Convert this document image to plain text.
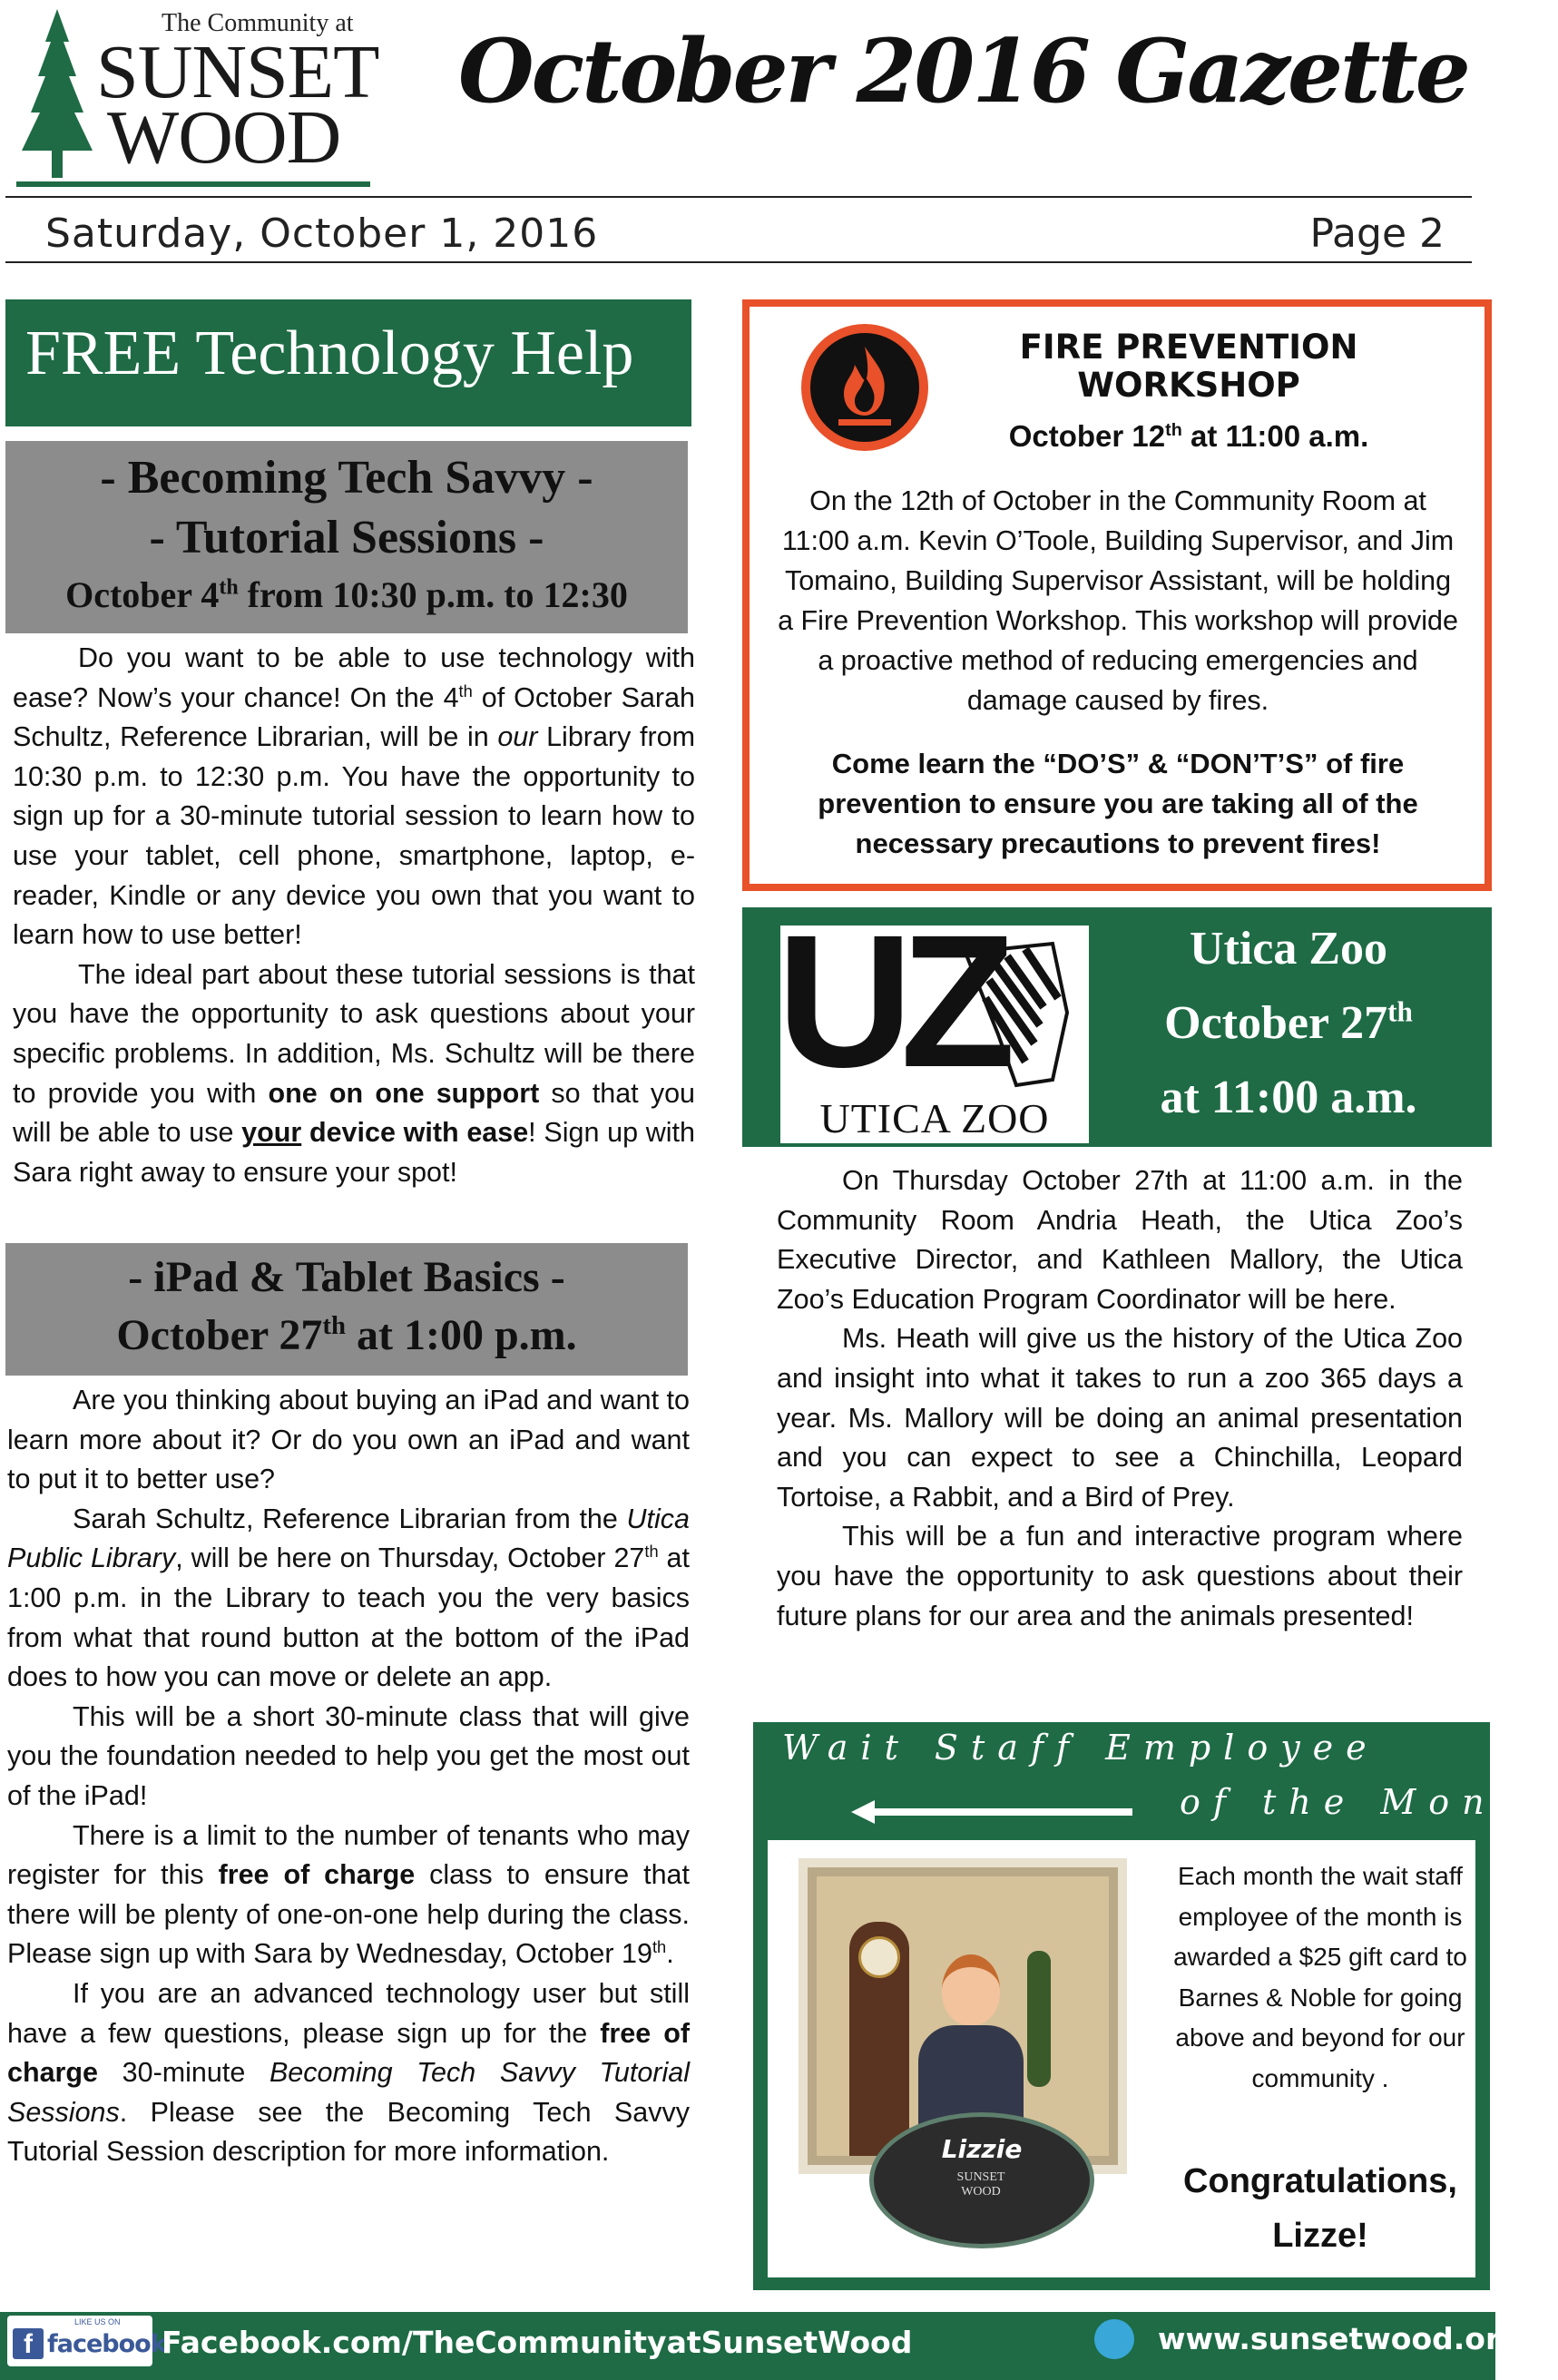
The Community at
SUNSET
WOOD
October 2016 Gazette
Saturday, October 1, 2016	Page 2
FREE Technology Help
- Becoming Tech Savvy -
- Tutorial Sessions -
October 4th from 10:30 p.m. to 12:30

Do you want to be able to use technology with ease? Now’s your chance! On the 4th of October Sarah Schultz, Reference Librarian, will be in our Library from 10:30 p.m. to 12:30 p.m. You have the opportunity to sign up for a 30-minute tutorial session to learn how to use your tablet, cell phone, smartphone, laptop, e-reader, Kindle or any device you own that you want to learn how to use better!

The ideal part about these tutorial sessions is that you have the opportunity to ask questions about your specific problems. In addition, Ms. Schultz will be there to provide you with one on one support so that you will be able to use your device with ease! Sign up with Sara right away to ensure your spot!

- iPad & Tablet Basics -
October 27th at 1:00 p.m.

Are you thinking about buying an iPad and want to learn more about it? Or do you own an iPad and want to put it to better use?

Sarah Schultz, Reference Librarian from the Utica Public Library, will be here on Thursday, October 27th at 1:00 p.m. in the Library to teach you the very basics from what that round button at the bottom of the iPad does to how you can move or delete an app.

This will be a short 30-minute class that will give you the foundation needed to help you get the most out of the iPad!

There is a limit to the number of tenants who may register for this free of charge class to ensure that there will be plenty of one-on-one help during the class. Please sign up with Sara by Wednesday, October 19th.

If you are an advanced technology user but still have a few questions, please sign up for the free of charge 30-minute Becoming Tech Savvy Tutorial Sessions. Please see the Becoming Tech Savvy Tutorial Session description for more information.

FIRE PREVENTION WORKSHOP
October 12th at 11:00 a.m.
On the 12th of October in the Community Room at 11:00 a.m. Kevin O’Toole, Building Supervisor, and Jim Tomaino, Building Supervisor Assistant, will be holding a Fire Prevention Workshop. This workshop will provide a proactive method of reducing emergencies and damage caused by fires.
Come learn the “DO’S” & “DON’T’S” of fire prevention to ensure you are taking all of the necessary precautions to prevent fires!
UZ
UTICA ZOO
Utica Zoo
October 27th
at 11:00 a.m.

On Thursday October 27th at 11:00 a.m. in the Community Room Andria Heath, the Utica Zoo’s Executive Director, and Kathleen Mallory, the Utica Zoo’s Education Program Coordinator will be here.

Ms. Heath will give us the history of the Utica Zoo and insight into what it takes to run a zoo 365 days a year. Ms. Mallory will be doing an animal presentation and you can expect to see a Chinchilla, Leopard Tortoise, a Rabbit, and a Bird of Prey.

This will be a fun and interactive program where you have the opportunity to ask questions about their future plans for our area and the animals presented!

Wait Staff Employee
of the Month
Lizzie
SUNSET WOOD
Each month the wait staff employee of the month is awarded a $25 gift card to Barnes & Noble for going above and beyond for our community .
Congratulations, Lizze!
f
LIKE US ON
facebook
Facebook.com/TheCommunityatSunsetWood	www.sunsetwood.org
